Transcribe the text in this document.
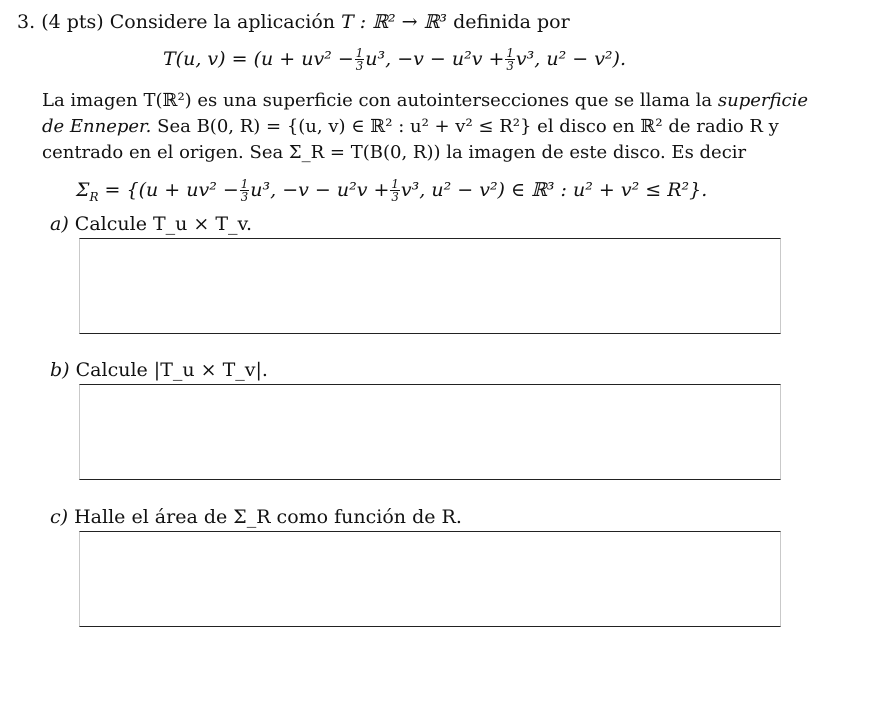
3. (4 pts) Considere la aplicación T : ℝ² → ℝ³ definida por
T(u, $v) = (u + uv^2 - \frac{1}{3} u^3$, $-v - u^2v + \frac{1}{3} v^3$, u² − v²).
La imagen T(ℝ²) es una superficie con autointersecciones que se llama la superficie
de Enneper. Sea B(0, R) = {(u, v) ∈ ℝ² : u² + v² ≤ R²} el disco en ℝ² de radio R y
centrado en el origen. Sea Σ_R = T(B(0, R)) la imagen de este disco. Es decir
$\Sigma_R = \{(u + uv^2 - \frac{1}{3} u^3$, $-v - u^2v + \frac{1}{3} v^3$, u² − v²) ∈ ℝ³ : u² + v² ≤ R²}.
a) Calcule T_u × T_v.
b) Calcule |T_u × T_v|.
c) Halle el área de Σ_R como función de R.
